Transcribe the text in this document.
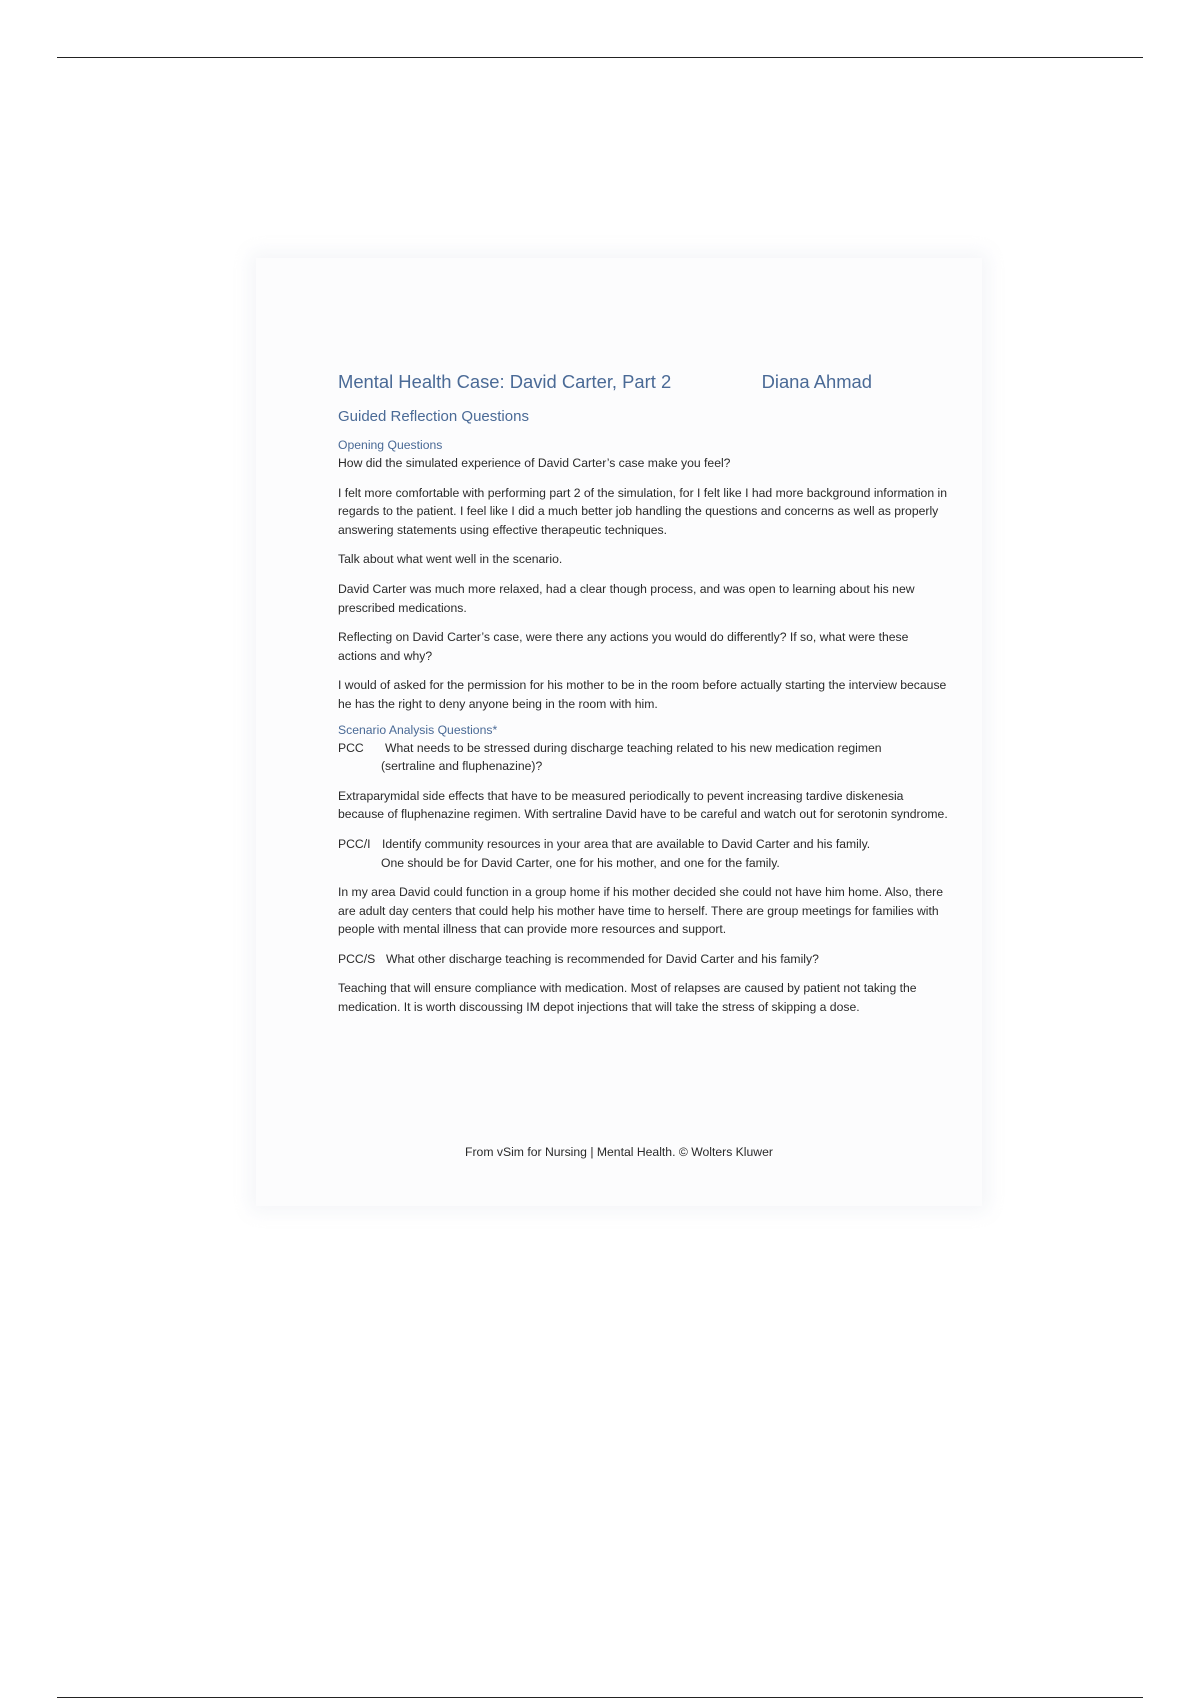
Mental Health Case: David Carter, Part 2	Diana Ahmad
Guided Reflection Questions
Opening Questions

How did the simulated experience of David Carter’s case make you feel?

I felt more comfortable with performing part 2 of the simulation, for I felt like I had more background information in regards to the patient. I feel like I did a much better job handling the questions and concerns as well as properly answering statements using effective therapeutic techniques.

Talk about what went well in the scenario.

David Carter was much more relaxed, had a clear though process, and was open to learning about his new prescribed medications.

Reflecting on David Carter’s case, were there any actions you would do differently? If so, what were these actions and why?

I would of asked for the permission for his mother to be in the room before actually starting the interview because he has the right to deny anyone being in the room with him.

Scenario Analysis Questions*
PCC	What needs to be stressed during discharge teaching related to his new medication regimen
(sertraline and fluphenazine)?

Extraparymidal side effects that have to be measured periodically to pevent increasing tardive diskenesia because of fluphenazine regimen. With sertraline David have to be careful and watch out for serotonin syndrome.

PCC/I Identify community resources in your area that are available to David Carter and his family.
One should be for David Carter, one for his mother, and one for the family.

In my area David could function in a group home if his mother decided she could not have him home. Also, there are adult day centers that could help his mother have time to herself. There are group meetings for families with people with mental illness that can provide more resources and support.

PCC/S What other discharge teaching is recommended for David Carter and his family?

Teaching that will ensure compliance with medication. Most of relapses are caused by patient not taking the medication. It is worth discoussing IM depot injections that will take the stress of skipping a dose.

From vSim for Nursing | Mental Health. © Wolters Kluwer
